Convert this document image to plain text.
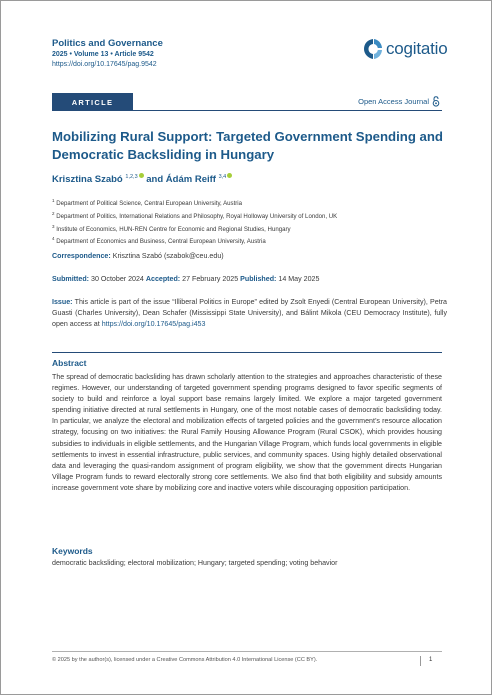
Politics and Governance
2025 • Volume 13 • Article 9542
https://doi.org/10.17645/pag.9542
cogitatio
ARTICLE	Open Access Journal
Mobilizing Rural Support: Targeted Government Spending and Democratic Backsliding in Hungary
Krisztina Szabó $^{1,2,3}$ and Ádám Reiff $^{3,4}$
$^1$ Department of Political Science, Central European University, Austria
$^2$ Department of Politics, International Relations and Philosophy, Royal Holloway University of London, UK
$^3$ Institute of Economics, HUN-REN Centre for Economic and Regional Studies, Hungary
$^4$ Department of Economics and Business, Central European University, Austria
Correspondence: Krisztina Szabó (szabok@ceu.edu)
Submitted: 30 October 2024 Accepted: 27 February 2025 Published: 14 May 2025
Issue: This article is part of the issue “Illiberal Politics in Europe” edited by Zsolt Enyedi (Central European University), Petra Guasti (Charles University), Dean Schafer (Mississippi State University), and Bálint Mikola (CEU Democracy Institute), fully open access at https://doi.org/10.17645/pag.i453
Abstract
The spread of democratic backsliding has drawn scholarly attention to the strategies and approaches characteristic of these regimes. However, our understanding of targeted government spending programs designed to favor specific segments of society to build and reinforce a loyal support base remains largely limited. We explore a major targeted government spending initiative directed at rural settlements in Hungary, one of the most notable cases of democratic backsliding today. In particular, we analyze the electoral and mobilization effects of targeted policies and the government’s resource allocation strategy, focusing on two initiatives: the Rural Family Housing Allowance Program (Rural CSOK), which provides housing subsidies to individuals in eligible settlements, and the Hungarian Village Program, which funds local governments in eligible settlements to invest in essential infrastructure, public services, and community spaces. Using highly detailed observational data and leveraging the quasi-random assignment of program eligibility, we show that the government directs Hungarian Village Program funds to reward electorally strong core settlements. We also find that both eligibility and subsidy amounts increase government vote share by mobilizing core and inactive voters while discouraging opposition participation.
Keywords
democratic backsliding; electoral mobilization; Hungary; targeted spending; voting behavior
© 2025 by the author(s), licensed under a Creative Commons Attribution 4.0 International License (CC BY).	1
